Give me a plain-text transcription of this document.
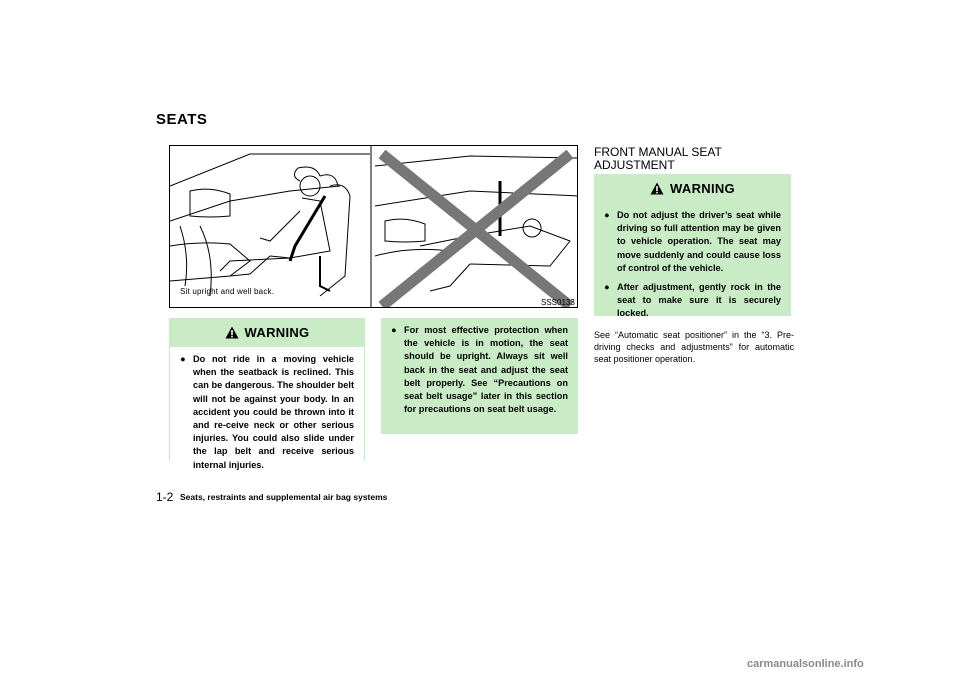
SEATS
Sit upright and well back.
SSS0133
WARNING
● Do not ride in a moving vehicle when the seatback is reclined. This can be dangerous. The shoulder belt will not be against your body. In an accident you could be thrown into it and re-ceive neck or other serious injuries. You could also slide under the lap belt and receive serious internal injuries.
● For most effective protection when the vehicle is in motion, the seat should be upright. Always sit well back in the seat and adjust the seat belt properly. See “Precautions on seat belt usage” later in this section for precautions on seat belt usage.
FRONT MANUAL SEAT ADJUSTMENT
WARNING
● Do not adjust the driver’s seat while driving so full attention may be given to vehicle operation. The seat may move suddenly and could cause loss of control of the vehicle.
● After adjustment, gently rock in the seat to make sure it is securely locked.
See “Automatic seat positioner” in the “3. Pre-driving checks and adjustments” for automatic seat positioner operation.
1-2 Seats, restraints and supplemental air bag systems
carmanualsonline.info
